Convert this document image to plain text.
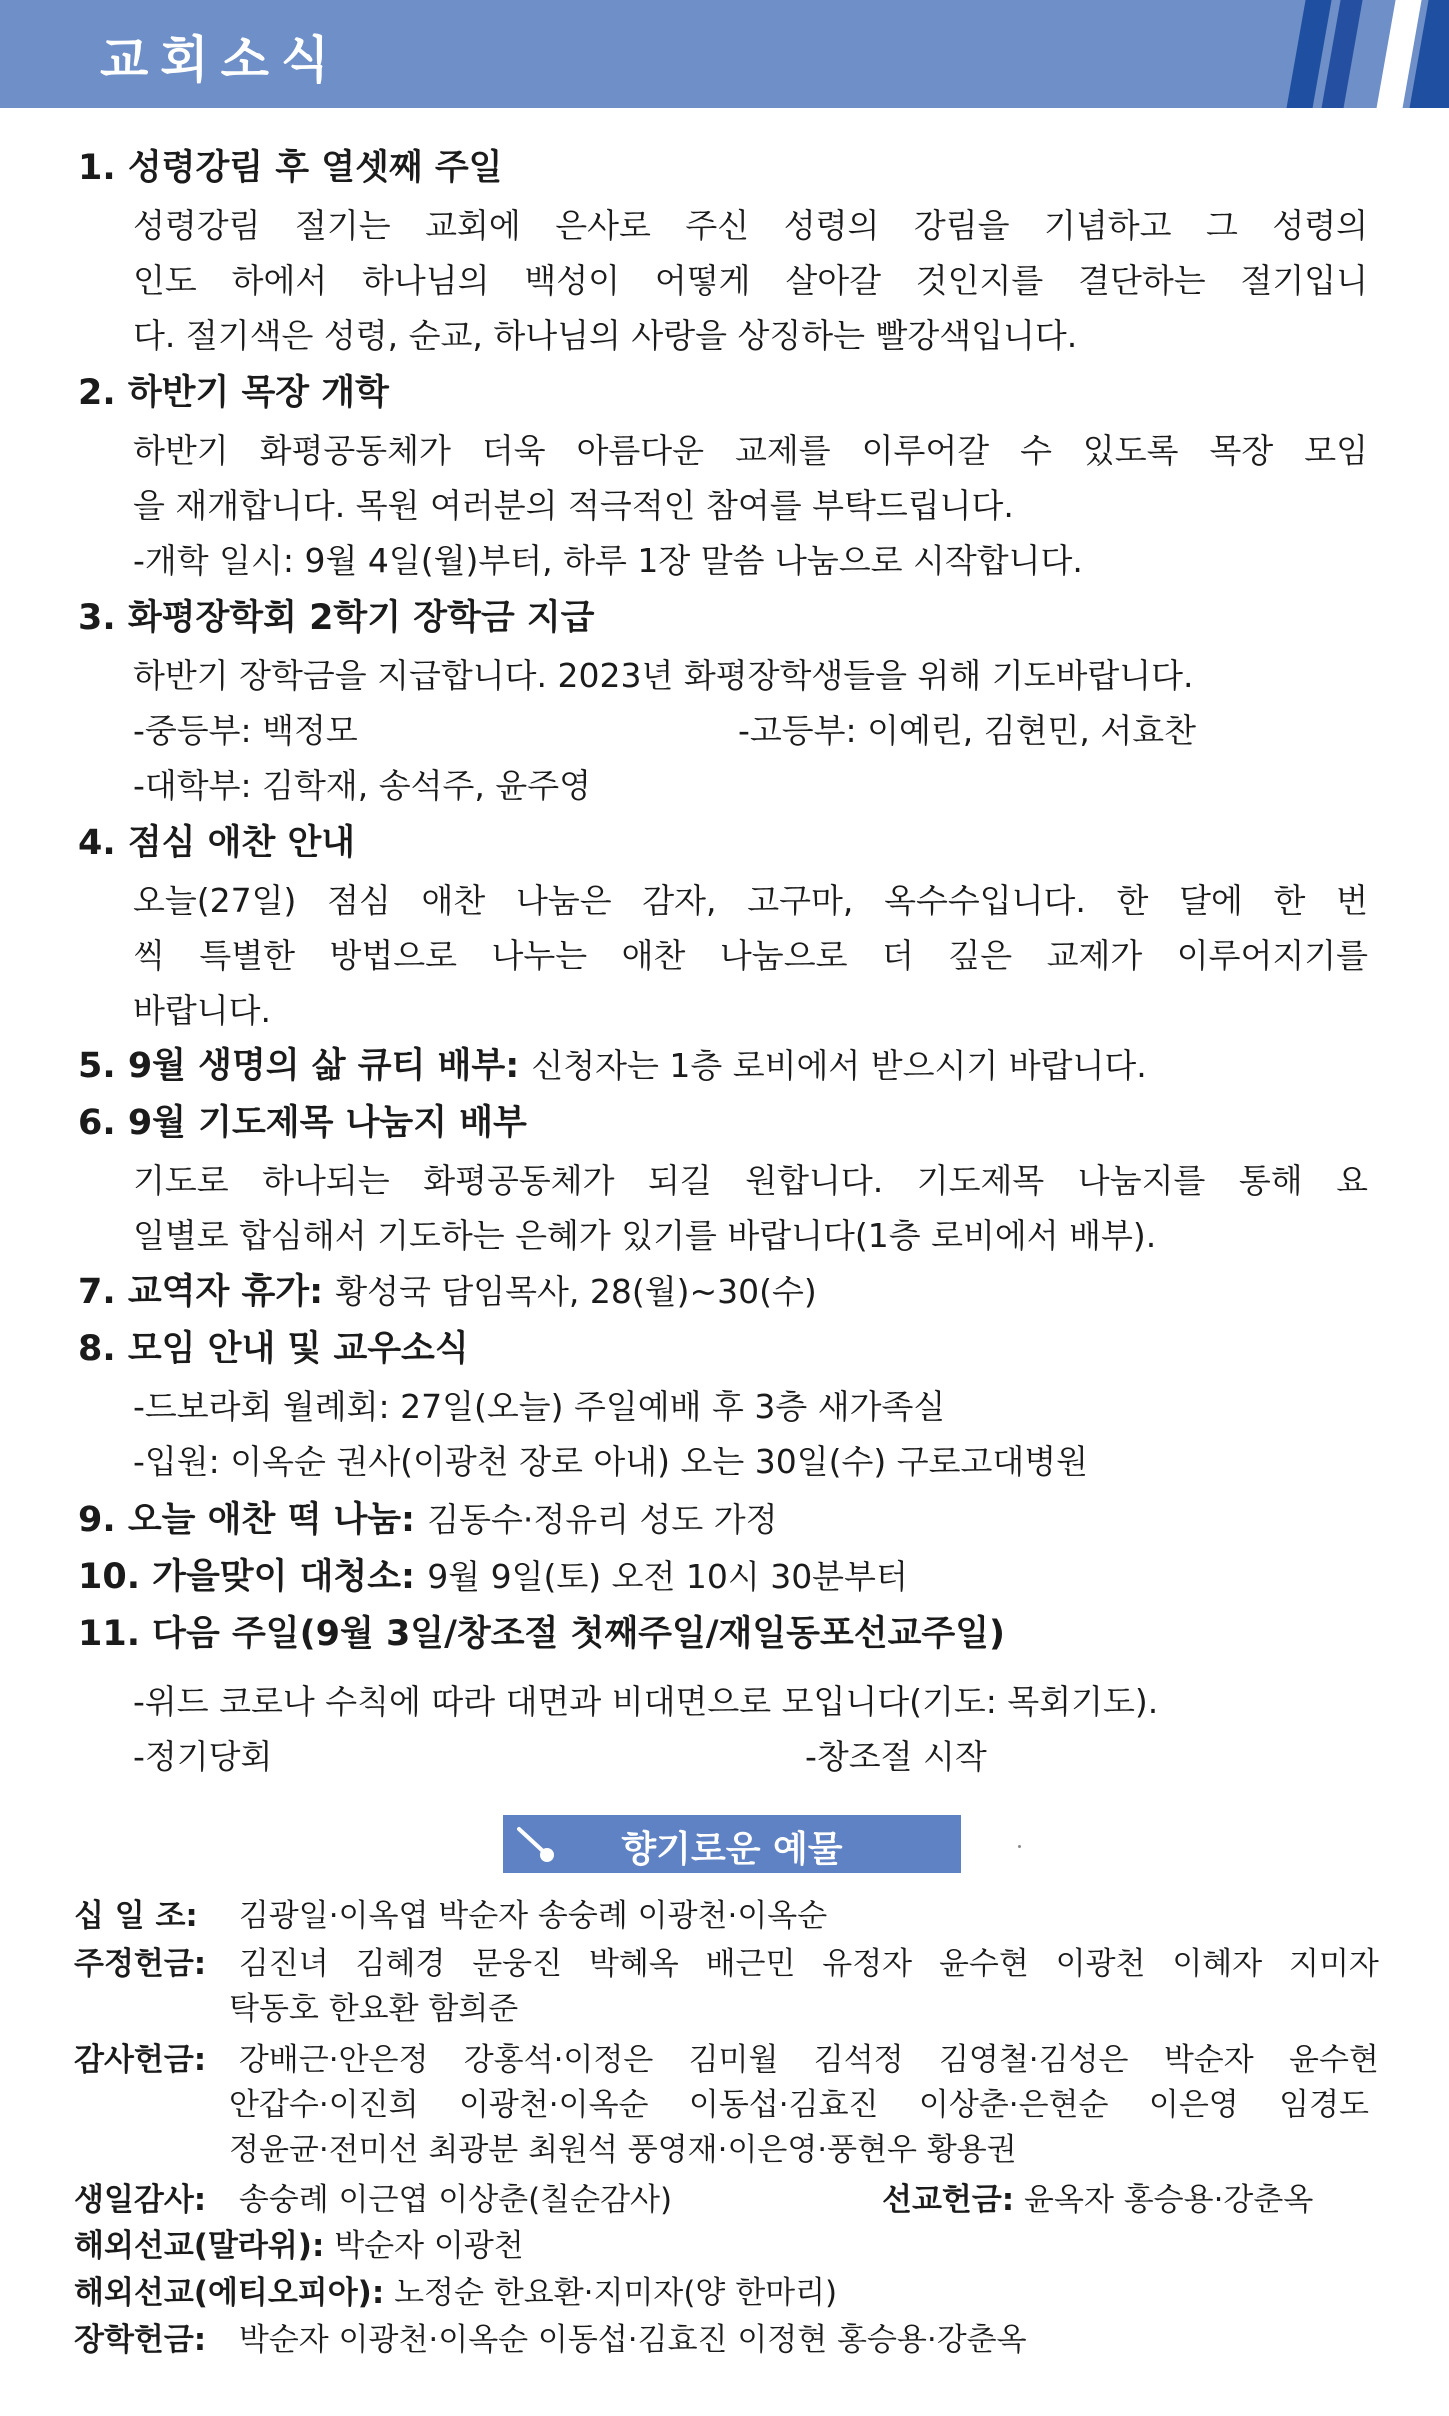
교회소식
1. 성령강림 후 열셋째 주일
성령강림 절기는 교회에 은사로 주신 성령의 강림을 기념하고 그 성령의
인도 하에서 하나님의 백성이 어떻게 살아갈 것인지를 결단하는 절기입니
다. 절기색은 성령, 순교, 하나님의 사랑을 상징하는 빨강색입니다.
2. 하반기 목장 개학
하반기 화평공동체가 더욱 아름다운 교제를 이루어갈 수 있도록 목장 모임
을 재개합니다. 목원 여러분의 적극적인 참여를 부탁드립니다.
-개학 일시: 9월 4일(월)부터, 하루 1장 말씀 나눔으로 시작합니다.
3. 화평장학회 2학기 장학금 지급
하반기 장학금을 지급합니다. 2023년 화평장학생들을 위해 기도바랍니다.
-중등부: 백정모	-고등부: 이예린, 김현민, 서효찬
-대학부: 김학재, 송석주, 윤주영
4. 점심 애찬 안내
오늘(27일) 점심 애찬 나눔은 감자, 고구마, 옥수수입니다. 한 달에 한 번
씩 특별한 방법으로 나누는 애찬 나눔으로 더 깊은 교제가 이루어지기를
바랍니다.
5. 9월 생명의 삶 큐티 배부: 신청자는 1층 로비에서 받으시기 바랍니다.
6. 9월 기도제목 나눔지 배부
기도로 하나되는 화평공동체가 되길 원합니다. 기도제목 나눔지를 통해 요
일별로 합심해서 기도하는 은혜가 있기를 바랍니다(1층 로비에서 배부).
7. 교역자 휴가: 황성국 담임목사, 28(월)~30(수)
8. 모임 안내 및 교우소식
-드보라회 월례회: 27일(오늘) 주일예배 후 3층 새가족실
-입원: 이옥순 권사(이광천 장로 아내) 오는 30일(수) 구로고대병원
9. 오늘 애찬 떡 나눔: 김동수·정유리 성도 가정
10. 가을맞이 대청소: 9월 9일(토) 오전 10시 30분부터
11. 다음 주일(9월 3일/창조절 첫째주일/재일동포선교주일)
-위드 코로나 수칙에 따라 대면과 비대면으로 모입니다(기도: 목회기도).
-정기당회	-창조절 시작
향기로운 예물
십 일 조: 김광일·이옥엽 박순자 송숭례 이광천·이옥순
주정헌금: 김진녀 김혜경 문웅진 박혜옥 배근민 유정자 윤수현 이광천 이혜자 지미자
탁동호 한요환 함희준
감사헌금: 강배근·안은정 강홍석·이정은 김미월 김석정 김영철·김성은 박순자 윤수현
안갑수·이진희 이광천·이옥순 이동섭·김효진 이상춘·은현순 이은영 임경도
정윤균·전미선 최광분 최원석 풍영재·이은영·풍현우 황용권
생일감사: 송숭례 이근엽 이상춘(칠순감사)	선교헌금: 윤옥자 홍승용·강춘옥
해외선교(말라위): 박순자 이광천
해외선교(에티오피아): 노정순 한요환·지미자(양 한마리)
장학헌금: 박순자 이광천·이옥순 이동섭·김효진 이정현 홍승용·강춘옥
